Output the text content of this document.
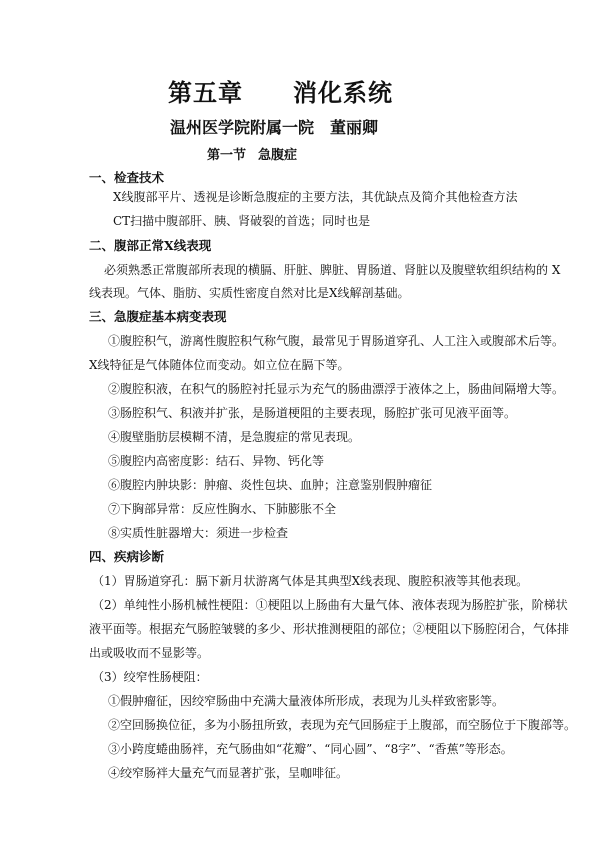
第五章 消化系统
温州医学院附属一院 董丽卿
第一节 急腹症
一、检查技术
X线腹部平片、透视是诊断急腹症的主要方法，其优缺点及简介其他检查方法
CT扫描中腹部肝、胰、肾破裂的首选；同时也是
二、腹部正常X线表现
必须熟悉正常腹部所表现的横膈、肝脏、脾脏、胃肠道、肾脏以及腹壁软组织结构的 X
线表现。气体、脂肪、实质性密度自然对比是X线解剖基础。
三、急腹症基本病变表现
①腹腔积气，游离性腹腔积气称气腹，最常见于胃肠道穿孔、人工注入或腹部术后等。
X线特征是气体随体位而变动。如立位在膈下等。
②腹腔积液，在积气的肠腔衬托显示为充气的肠曲漂浮于液体之上，肠曲间隔增大等。
③肠腔积气、积液并扩张，是肠道梗阻的主要表现，肠腔扩张可见液平面等。
④腹壁脂肪层模糊不清，是急腹症的常见表现。
⑤腹腔内高密度影：结石、异物、钙化等
⑥腹腔内肿块影：肿瘤、炎性包块、血肿；注意鉴别假肿瘤征
⑦下胸部异常：反应性胸水、下肺膨胀不全
⑧实质性脏器增大：须进一步检查
四、疾病诊断
（1）胃肠道穿孔：膈下新月状游离气体是其典型X线表现、腹腔积液等其他表现。
（2）单纯性小肠机械性梗阻：①梗阻以上肠曲有大量气体、液体表现为肠腔扩张，阶梯状
液平面等。根据充气肠腔皱襞的多少、形状推测梗阻的部位；②梗阻以下肠腔闭合，气体排
出或吸收而不显影等。
（3）绞窄性肠梗阻：
①假肿瘤征，因绞窄肠曲中充满大量液体所形成，表现为儿头样致密影等。
②空回肠换位征，多为小肠扭所致，表现为充气回肠症于上腹部，而空肠位于下腹部等。
③小跨度蜷曲肠袢，充气肠曲如“花瓣”、“同心圆”、“8字”、“香蕉”等形态。
④绞窄肠袢大量充气而显著扩张，呈咖啡征。
